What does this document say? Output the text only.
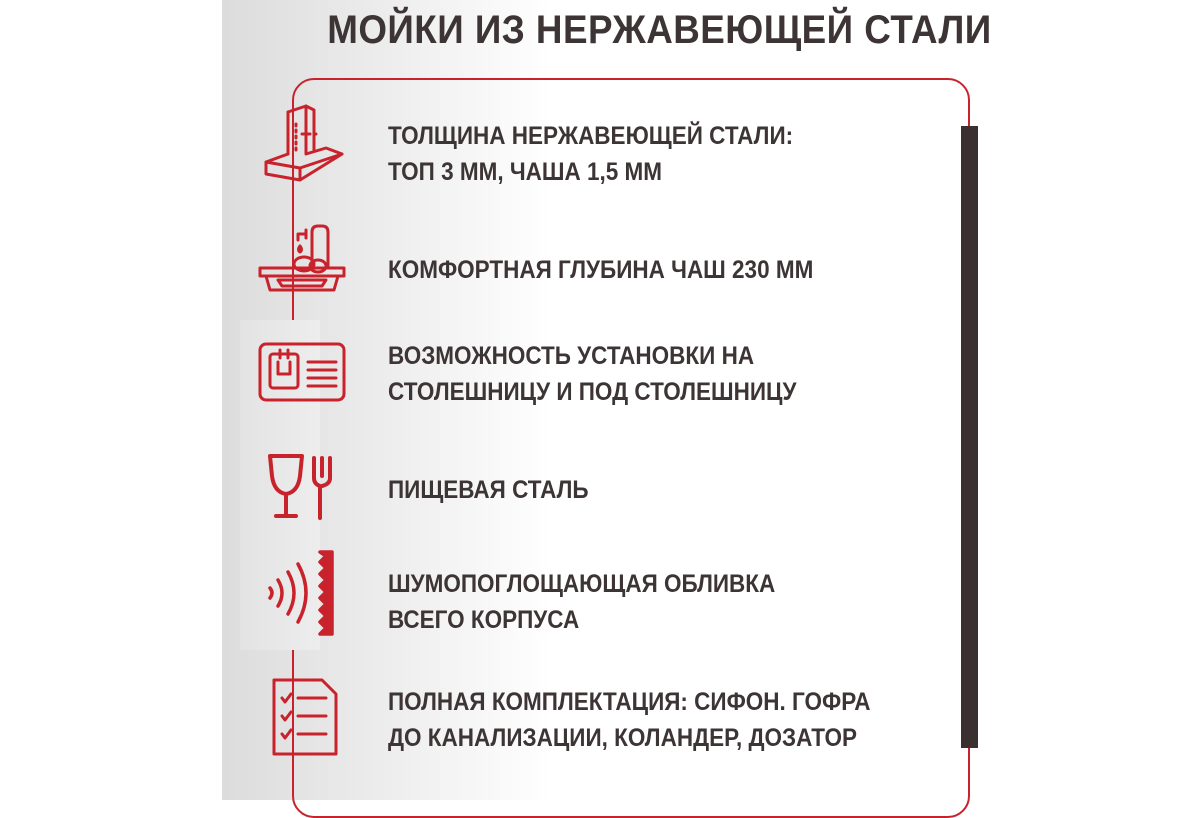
МОЙКИ ИЗ НЕРЖАВЕЮЩЕЙ СТАЛИ

ТОЛЩИНА НЕРЖАВЕЮЩЕЙ СТАЛИ:
ТОП 3 ММ, ЧАША 1,5 ММ

КОМФОРТНАЯ ГЛУБИНА ЧАШ 230 ММ

ВОЗМОЖНОСТЬ УСТАНОВКИ НА
СТОЛЕШНИЦУ И ПОД СТОЛЕШНИЦУ

ПИЩЕВАЯ СТАЛЬ

ШУМОПОГЛОЩАЮЩАЯ ОБЛИВКА
ВСЕГО КОРПУСА

ПОЛНАЯ КОМПЛЕКТАЦИЯ: СИФОН. ГОФРА
ДО КАНАЛИЗАЦИИ, КОЛАНДЕР, ДОЗАТОР
